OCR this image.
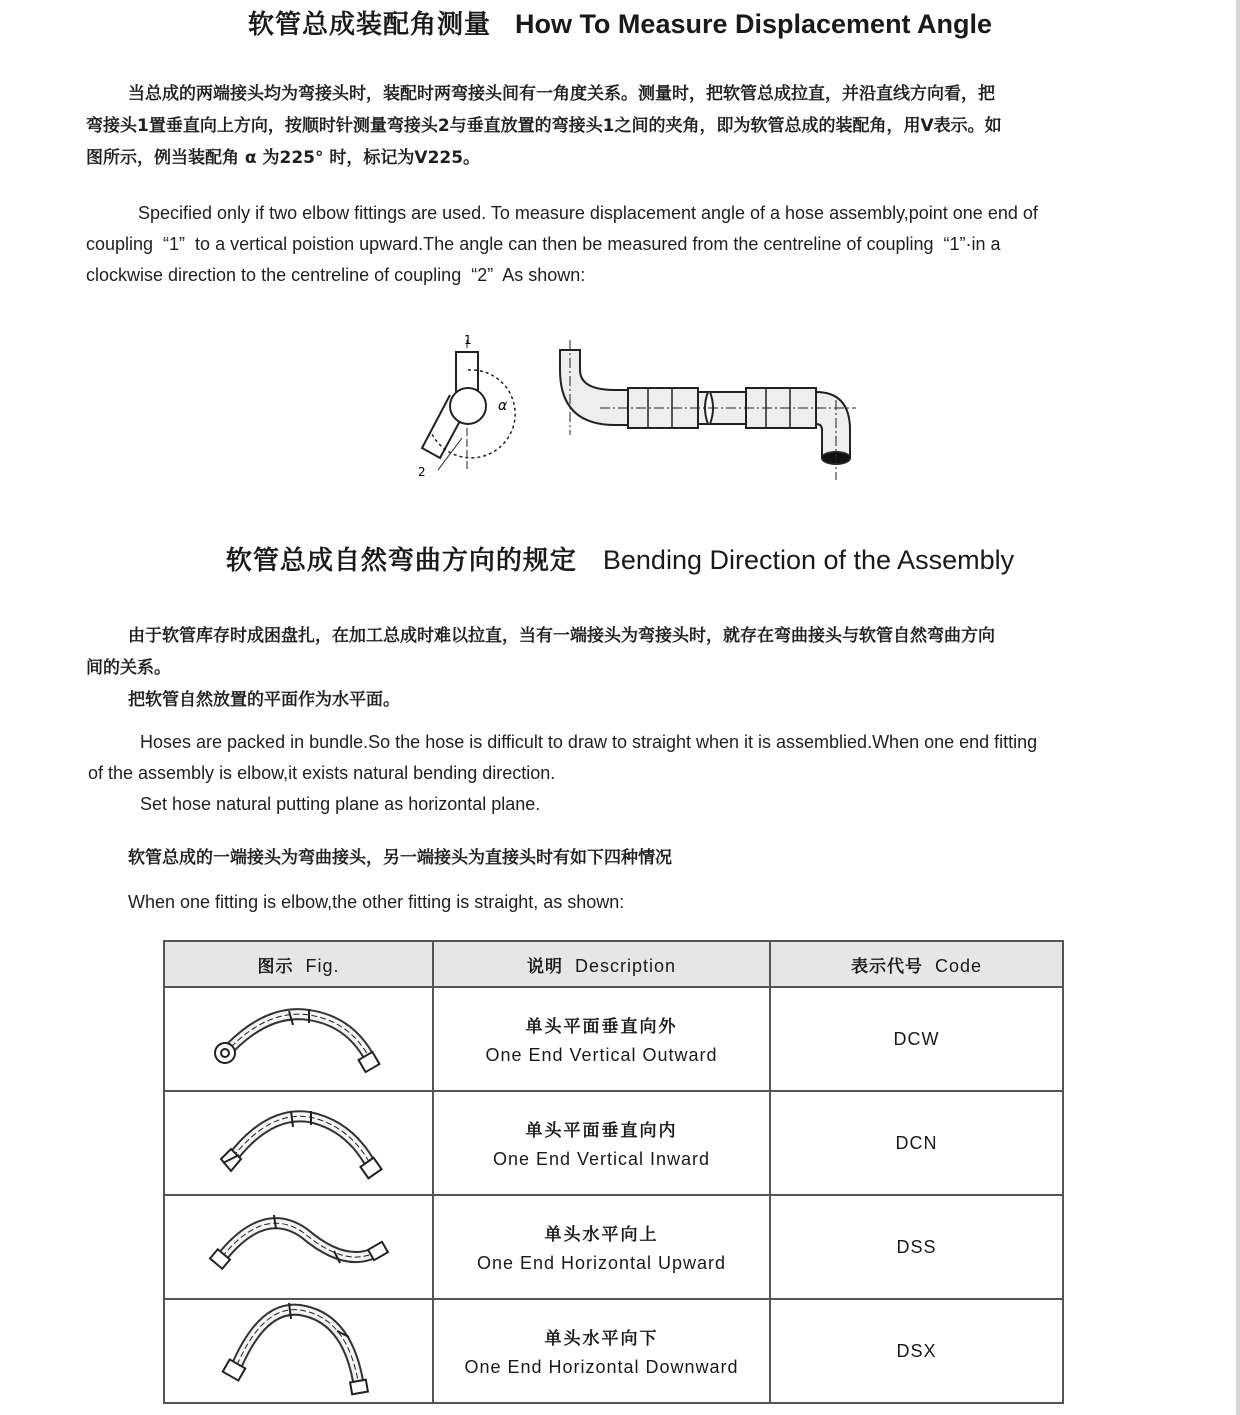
软管总成装配角测量 How To Measure Displacement Angle
当总成的两端接头均为弯接头时，装配时两弯接头间有一角度关系。测量时，把软管总成拉直，并沿直线方向看，把
弯接头1置垂直向上方向，按顺时针测量弯接头2与垂直放置的弯接头1之间的夹角，即为软管总成的装配角，用V表示。如
图所示，例当装配角 α 为225° 时，标记为V225。
Specified only if two elbow fittings are used. To measure displacement angle of a hose assembly,point one end of
coupling  “1”  to a vertical poistion upward.The angle can then be measured from the centreline of coupling  “1”·in a
clockwise direction to the centreline of coupling  “2”  As shown:
1
2
α
软管总成自然弯曲方向的规定 Bending Direction of the Assembly
由于软管库存时成困盘扎，在加工总成时难以拉直，当有一端接头为弯接头时，就存在弯曲接头与软管自然弯曲方向
间的关系。
把软管自然放置的平面作为水平面。
Hoses are packed in bundle.So the hose is difficult to draw to straight when it is assemblied.When one end fitting
of the assembly is elbow,it exists natural bending direction.
Set hose natural putting plane as horizontal plane.
软管总成的一端接头为弯曲接头，另一端接头为直接头时有如下四种情况
When one fitting is elbow,the other fitting is straight, as shown:
图示 Fig.	说明 Description	表示代号 Code

单头平面垂直向外
One End Vertical Outward	DCW

单头平面垂直向内
One End Vertical Inward	DCN

单头水平向上
One End Horizontal Upward	DSS

单头水平向下
One End Horizontal Downward	DSX
